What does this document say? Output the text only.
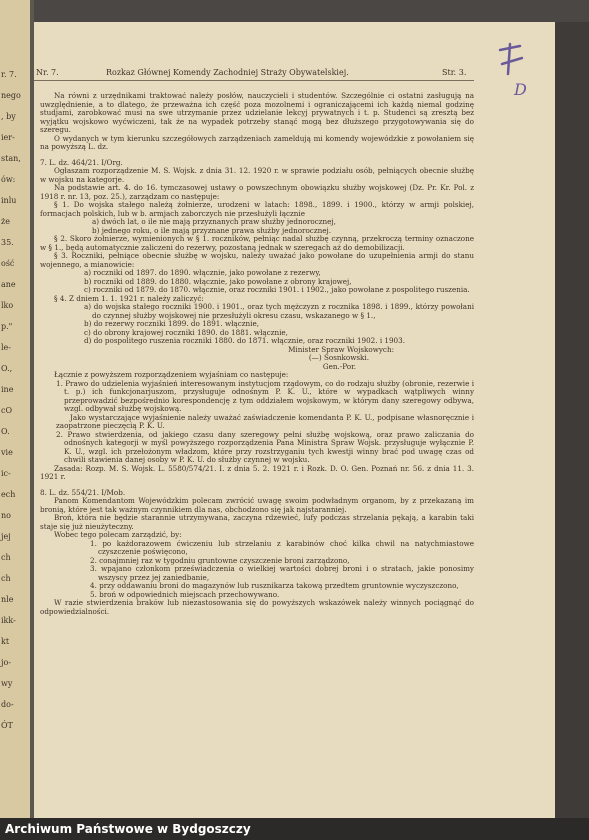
r. 7.
nego
, by
ier-
stan,
ów:
inlu
że
35.
ość
ane
lko
p."
le-
O.,
ine
cO
O.
vie
ic-
ech
no
jej
ch
ch
nle
ikk-
kt
jo-
wy
do-
ÓT
Nr. 7.	Rozkaz Głównej Komendy Zachodniej Straży Obywatelskiej.	Str. 3.
D

Na równi z urzędnikami traktować należy posłów, nauczycieli i studentów. Szczególnie ci ostatni zasługują na uwzględnienie, a to dlatego, że przeważna ich część poza mozolnemi i ograniczającemi ich każdą niemal godzinę studjami, zarobkować musi na swe utrzymanie przez udzielanie lekcyj prywatnych i t. p. Studenci są zresztą bez wyjątku wojskowo wyćwiczeni, tak że na wypadek potrzeby stanąć mogą bez dłuższego przygotowywania się do szeregu.

O wydanych w tym kierunku szczegółowych zarządzeniach zameldują mi komendy wojewódzkie z powołaniem się na powyższą L. dz.

7. L. dz. 464/21. I/Org.

Ogłaszam rozporządzenie M. S. Wojsk. z dnia 31. 12. 1920 r. w sprawie podziału osób, pełniących obecnie służbę w wojsku na kategorje.

Na podstawie art. 4. do 16. tymczasowej ustawy o powszechnym obowiązku służby wojskowej (Dz. Pr. Kr. Pol. z 1918 r. nr. 13, poz. 25.), zarządzam co następuje:

§ 1. Do wojska stałego należą żołnierze, urodzeni w latach: 1898., 1899. i 1900., którzy w armji polskiej, formacjach polskich, lub w b. armjach zaborczych nie przesłużyli łącznie

a) dwóch lat, o ile nie mają przyznanych praw służby jednorocznej,

b) jednego roku, o ile mają przyznane prawa służby jednorocznej.

§ 2. Skoro żołnierze, wymienionych w § 1. roczników, pełniąc nadal służbę czynną, przekroczą terminy oznaczone w § 1., będą automatycznie zaliczeni do rezerwy, pozostaną jednak w szeregach aż do demobilizacji.

§ 3. Roczniki, pełniące obecnie służbę w wojsku, należy uważać jako powołane do uzupełnienia armji do stanu wojennego, a mianowicie:

a) roczniki od 1897. do 1890. włącznie, jako powołane z rezerwy,

b) roczniki od 1889. do 1880. włącznie, jako powołane z obrony krajowej,

c) roczniki od 1879. do 1870. włącznie, oraz roczniki 1901. i 1902., jako powołane z pospolitego ruszenia.

§ 4. Z dniem 1. 1. 1921 r. należy zaliczyć:

a) do wojska stałego roczniki 1900. i 1901., oraz tych mężczyzn z rocznika 1898. i 1899., którzy powołani do czynnej służby wojskowej nie przesłużyli okresu czasu, wskazanego w § 1.,

b) do rezerwy roczniki 1899. do 1891. włącznie,

c) do obrony krajowej roczniki 1890. do 1881. włącznie,

d) do pospolitego ruszenia roczniki 1880. do 1871. włącznie, oraz roczniki 1902. i 1903.

Minister Spraw Wojskowych:

(—) Sosnkowski.

Gen.-Por.

Łącznie z powyższem rozporządzeniem wyjaśniam co następuje:

1. Prawo do udzielenia wyjaśnień interesowanym instytucjom rządowym, co do rodzaju służby (obronie, rezerwie i t. p.) ich funkcjonarjuszom, przysługuje odnośnym P. K. U., które w wypadkach wątpliwych winny przeprowadzić bezpośrednio korespondencję z tym oddziałem wojskowym, w którym dany szeregowy odbywa, wzgl. odbywał służbę wojskową.

Jako wystarczające wyjaśnienie należy uważać zaświadczenie komendanta P. K. U., podpisane własnoręcznie i zaopatrzone pieczęcią P. K. U.

2. Prawo stwierdzenia, od jakiego czasu dany szeregowy pełni służbę wojskową, oraz prawo zaliczania do odnośnych kategorji w myśl powyższego rozporządzenia Pana Ministra Spraw Wojsk. przysługuje wyłącznie P. K. U., wzgl. ich przełożonym władzom, które przy rozstrzyganiu tych kwestji winny brać pod uwagę czas od chwili stawienia danej osoby w P. K. U. do służby czynnej w wojsku.

Zasada: Rozp. M. S. Wojsk. L. 5580/574/21. I. z dnia 5. 2. 1921 r. i Rozk. D. O. Gen. Poznań nr. 56. z dnia 11. 3. 1921 r.

8. L. dz. 554/21. I/Mob.

Panom Komendantom Wojewódzkim polecam zwrócić uwagę swoim podwładnym organom, by z przekazaną im bronią, które jest tak ważnym czynnikiem dla nas, obchodzono się jak najstaranniej.

Broń, która nie będzie starannie utrzymywana, zaczyna rdzewieć, lufy podczas strzelania pękają, a karabin taki staje się już nieużyteczny.

Wobec tego polecam zarządzić, by:

1. po każdorazowem ćwiczeniu lub strzelaniu z karabinów choć kilka chwil na natychmiastowe czyszczenie poświęcono,

2. conajmniej raz w tygodniu gruntowne czyszczenie broni zarządzono,

3. wpajano członkom przeświadczenia o wielkiej wartości dobrej broni i o stratach, jakie ponosimy wszyscy przez jej zaniedbanie,

4. przy oddawaniu broni do magazynów lub rusznikarza takową przedtem gruntownie wyczyszczono,

5. broń w odpowiednich miejscach przechowywano.

W razie stwierdzenia braków lub niezastosowania się do powyższych wskazówek należy winnych pociągnąć do odpowiedzialności.

Archiwum Państwowe w Bydgoszczy
